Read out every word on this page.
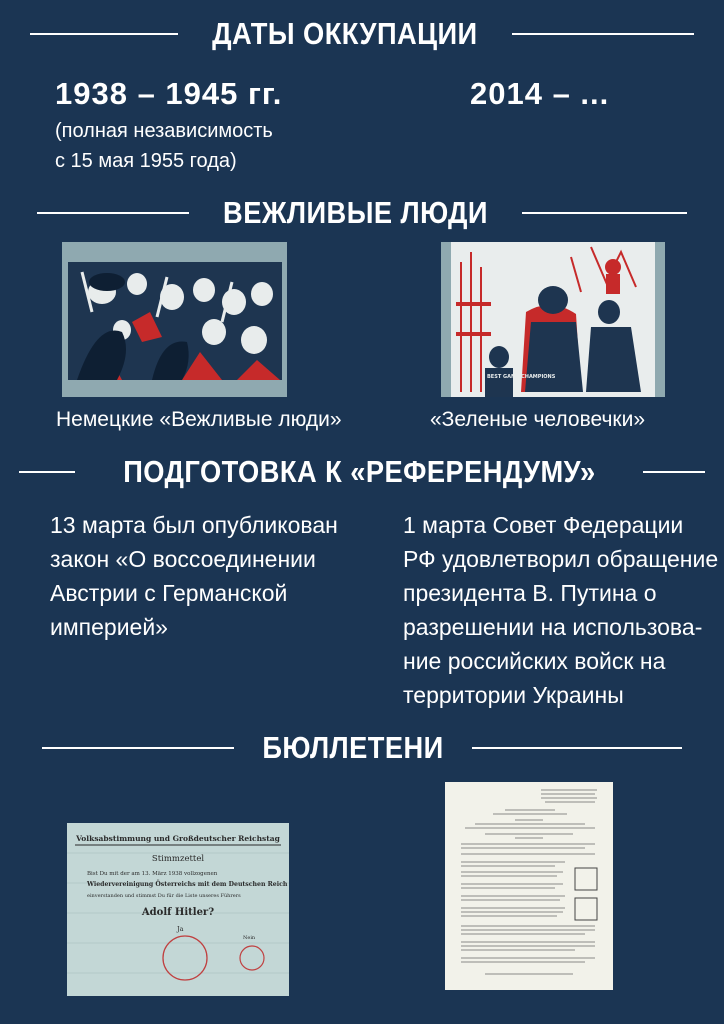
ДАТЫ ОККУПАЦИИ
1938 – 1945 гг.
(полная независимость
с 15 мая 1955 года)
2014 – ...
ВЕЖЛИВЫЕ ЛЮДИ
BEST GAME CHAMPIONS
Немецкие «Вежливые люди»	«Зеленые человечки»
ПОДГОТОВКА К «РЕФЕРЕНДУМУ»
13 марта был опубликован
закон «О воссоединении
Австрии с Германской
империей»
1 марта Совет Федерации
РФ удовлетворил обращение
президента В. Путина о
разрешении на использова-
ние российских войск на
территории Украины
БЮЛЛЕТЕНИ
Volksabstimmung und Großdeutscher Reichstag
Stimmzettel
Bist Du mit der am 13. März 1938 vollzogenen
Wiedervereinigung Österreichs mit dem Deutschen Reich
einverstanden und stimmst Du für die Liste unseres Führers
Adolf Hitler?
Ja
Nein
